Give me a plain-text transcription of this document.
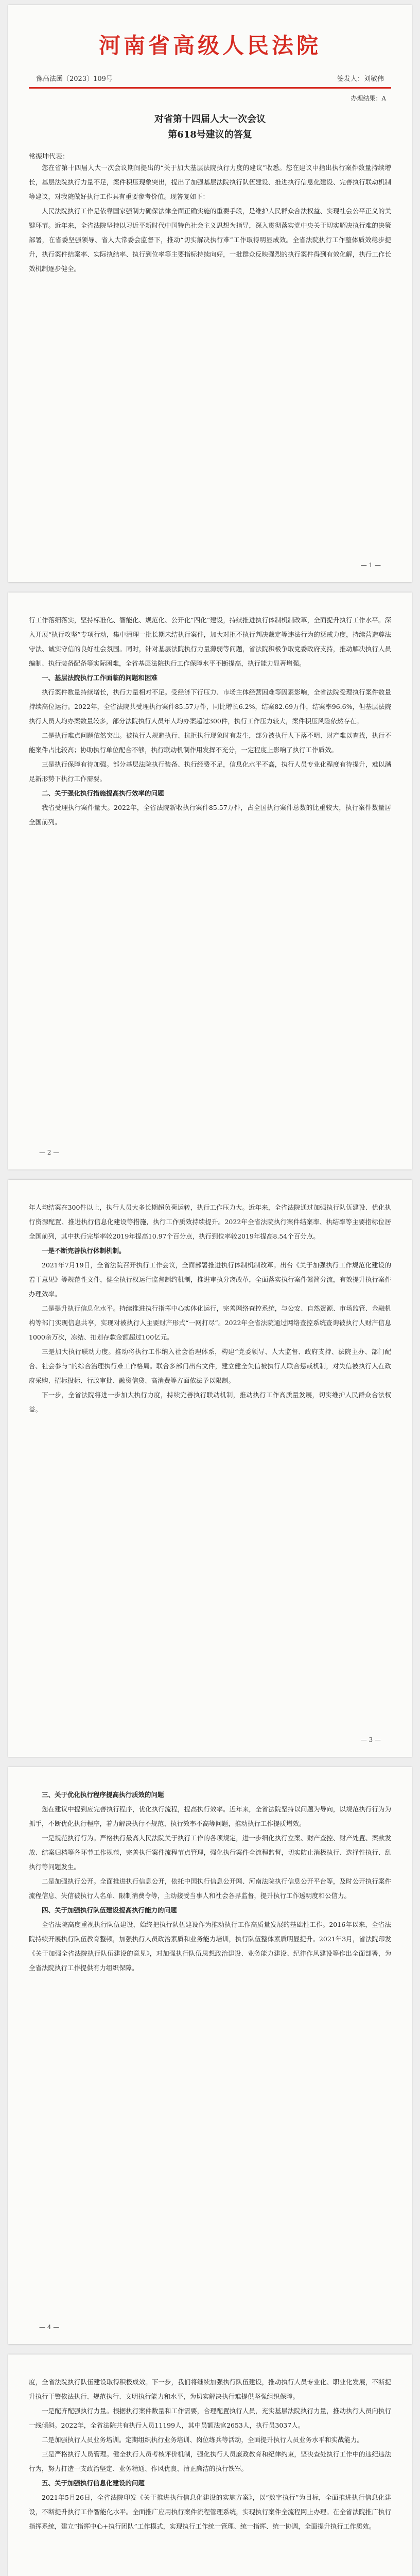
河南省高级人民法院
豫高法函〔2023〕109号	签发人：刘敏伟
办理结果：A
对省第十四届人大一次会议
第618号建议的答复
常振坤代表：

您在省第十四届人大一次会议期间提出的“关于加大基层法院执行力度的建议”收悉。您在建议中指出执行案件数量持续增长，基层法院执行力量不足，案件积压现象突出，提出了加强基层法院执行队伍建设、推进执行信息化建设、完善执行联动机制等建议，对我院做好执行工作具有重要参考价值。现答复如下：

人民法院执行工作是依靠国家强制力确保法律全面正确实施的重要手段，是维护人民群众合法权益、实现社会公平正义的关键环节。近年来，全省法院坚持以习近平新时代中国特色社会主义思想为指导，深入贯彻落实党中央关于切实解决执行难的决策部署，在省委坚强领导、省人大常委会监督下，推动“切实解决执行难”工作取得明显成效。全省法院执行工作整体质效稳步提升，执行案件结案率、实际执结率、执行到位率等主要指标持续向好，一批群众反映强烈的执行案件得到有效化解，执行工作长效机制逐步健全。

— 1 —

行工作落细落实，坚持标准化、智能化、规范化、公开化“四化”建设，持续推进执行体制机制改革，全面提升执行工作水平。深入开展“执行攻坚”专项行动，集中清理一批长期未结执行案件，加大对拒不执行判决裁定等违法行为的惩戒力度，持续营造尊法守法、诚实守信的良好社会氛围。同时，针对基层法院执行力量薄弱等问题，省法院积极争取党委政府支持，推动解决执行人员编制、执行装备配备等实际困难，全省基层法院执行工作保障水平不断提高，执行能力显著增强。

一、基层法院执行工作面临的问题和困难

执行案件数量持续增长，执行力量相对不足。受经济下行压力、市场主体经营困难等因素影响，全省法院受理执行案件数量持续高位运行。2022年，全省法院共受理执行案件85.57万件，同比增长6.2%，结案82.69万件，结案率96.6%，但基层法院执行人员人均办案数量较多，部分法院执行人员年人均办案超过300件，执行工作压力较大，案件积压风险依然存在。

二是执行难点问题依然突出。被执行人规避执行、抗拒执行现象时有发生，部分被执行人下落不明、财产难以查找，执行不能案件占比较高；协助执行单位配合不够，执行联动机制作用发挥不充分，一定程度上影响了执行工作质效。

三是执行保障有待加强。部分基层法院执行装备、执行经费不足，信息化水平不高，执行人员专业化程度有待提升，难以满足新形势下执行工作需要。

二、关于强化执行措施提高执行效率的问题

我省受理执行案件量大。2022年，全省法院新收执行案件85.57万件，占全国执行案件总数的比重较大，执行案件数量居全国前列。

— 2 —

年人均结案在300件以上，执行人员大多长期超负荷运转，执行工作压力大。近年来，全省法院通过加强执行队伍建设、优化执行资源配置、推进执行信息化建设等措施，执行工作质效持续提升。2022年全省法院执行案件结案率、执结率等主要指标位居全国前列，其中执行完毕率较2019年提高10.97个百分点，执行到位率较2019年提高8.54个百分点。

一是不断完善执行体制机制。

2021年7月19日，全省法院召开执行工作会议，全面部署推进执行体制机制改革。出台《关于加强执行工作规范化建设的若干意见》等规范性文件，健全执行权运行监督制约机制，推进审执分离改革，全面落实执行案件繁简分流，有效提升执行案件办理效率。

二是提升执行信息化水平。持续推进执行指挥中心实体化运行，完善网络查控系统，与公安、自然资源、市场监管、金融机构等部门实现信息共享，实现对被执行人主要财产形式“一网打尽”。2022年全省法院通过网络查控系统查询被执行人财产信息1000余万次，冻结、扣划存款金额超过100亿元。

三是加大执行联动力度。推动将执行工作纳入社会治理体系，构建“党委领导、人大监督、政府支持、法院主办、部门配合、社会参与”的综合治理执行难工作格局。联合多部门出台文件，建立健全失信被执行人联合惩戒机制，对失信被执行人在政府采购、招标投标、行政审批、融资信贷、高消费等方面依法予以限制。

下一步，全省法院将进一步加大执行力度，持续完善执行联动机制，推动执行工作高质量发展，切实维护人民群众合法权益。

— 3 —

三、关于优化执行程序提高执行质效的问题

您在建议中提到应完善执行程序，优化执行流程，提高执行效率。近年来，全省法院坚持以问题为导向，以规范执行行为为抓手，不断优化执行程序，着力解决执行不规范、执行效率不高等问题，推动执行工作提质增效。

一是规范执行行为。严格执行最高人民法院关于执行工作的各项规定，进一步细化执行立案、财产查控、财产处置、案款发放、结案归档等各环节工作规范，完善执行案件流程节点管理，强化执行案件全流程监督，切实防止消极执行、选择性执行、乱执行等问题发生。

二是加强执行公开。全面推进执行信息公开，依托中国执行信息公开网、河南法院执行信息公开平台等，及时公开执行案件流程信息、失信被执行人名单、限制消费令等，主动接受当事人和社会各界监督，提升执行工作透明度和公信力。

四、关于加强执行队伍建设提高执行能力的问题

全省法院高度重视执行队伍建设，始终把执行队伍建设作为推动执行工作高质量发展的基础性工作。2016年以来，全省法院持续开展执行队伍教育整顿，加强执行人员政治素质和业务能力培训，执行队伍整体素质明显提升。2021年3月，省法院印发《关于加强全省法院执行队伍建设的意见》，对加强执行队伍思想政治建设、业务能力建设、纪律作风建设等作出全面部署，为全省法院执行工作提供有力组织保障。

— 4 —

度，全省法院执行队伍建设取得积极成效。下一步，我们将继续加强执行队伍建设，推动执行人员专业化、职业化发展，不断提升执行干警依法执行、规范执行、文明执行能力和水平，为切实解决执行难提供坚强组织保障。

一是配齐配强执行力量。根据执行案件数量和工作需要，合理配置执行人员，充实基层法院执行力量，推动执行人员向执行一线倾斜。2022年，全省法院共有执行人员11199人，其中员额法官2653人，执行员3037人。

二是加强执行人员业务培训。定期组织执行业务培训、岗位练兵等活动，全面提升执行人员业务水平和实战能力。

三是严格执行人员管理。健全执行人员考核评价机制，强化执行人员廉政教育和纪律约束，坚决查处执行工作中的违纪违法行为，努力打造一支政治坚定、业务精通、作风优良、清正廉洁的执行铁军。

五、关于加强执行信息化建设的问题

2021年5月26日，全省法院印发《关于推进执行信息化建设的实施方案》，以“数字执行”为目标，全面推进执行信息化建设，不断提升执行工作智能化水平。全面推广应用执行案件流程管理系统，实现执行案件全流程网上办理。在全省法院推广执行指挥系统，建立“指挥中心+执行团队”工作模式，实现执行工作统一管理、统一指挥、统一协调，全面提升执行工作质效。
